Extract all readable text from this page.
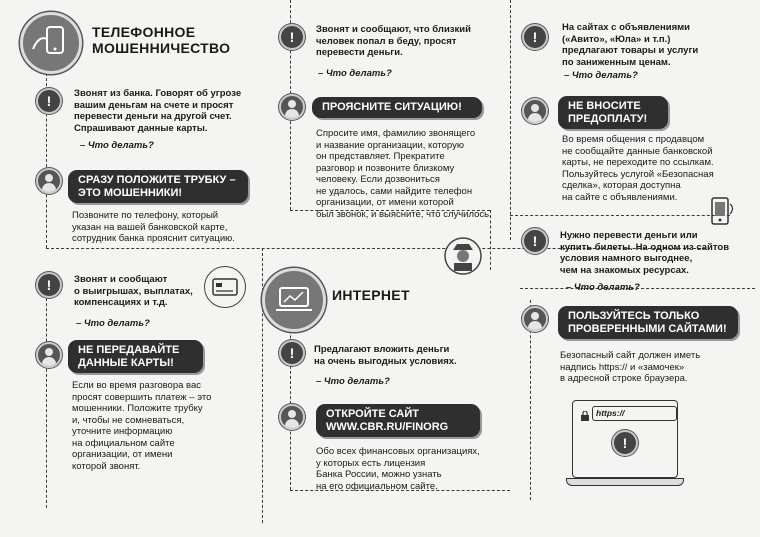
ТЕЛЕФОННОЕ
МОШЕННИЧЕСТВО
!	Звонят из банка. Говорят об угрозе
вашим деньгам на счете и просят
перевести деньги на другой счет.
Спрашивают данные карты.
– Что делать?
СРАЗУ ПОЛОЖИТЕ ТРУБКУ –
ЭТО МОШЕННИКИ!
Позвоните по телефону, который
указан на вашей банковской карте,
сотрудник банка прояснит ситуацию.
!	Звонят и сообщают
о выигрышах, выплатах,
компенсациях и т.д.
– Что делать?
НЕ ПЕРЕДАВАЙТЕ
ДАННЫЕ КАРТЫ!
Если во время разговора вас
просят совершить платеж – это
мошенники. Положите трубку
и, чтобы не сомневаться,
уточните информацию
на официальном сайте
организации, от имени
которой звонят.
!	Звонят и сообщают, что близкий
человек попал в беду, просят
перевести деньги.
– Что делать?
ПРОЯСНИТЕ СИТУАЦИЮ!
Спросите имя, фамилию звонящего
и название организации, которую
он представляет. Прекратите
разговор и позвоните близкому
человеку. Если дозвониться
не удалось, сами найдите телефон
организации, от имени которой
был звонок, и выясните, что случилось.
ИНТЕРНЕТ
!	Предлагают вложить деньги
на очень выгодных условиях.
– Что делать?
ОТКРОЙТЕ САЙТ
WWW.CBR.RU/FINORG
Обо всех финансовых организациях,
у которых есть лицензия
Банка России, можно узнать
на его официальном сайте.
!
На сайтах с объявлениями
(«Авито», «Юла» и т.п.)
предлагают товары и услуги
по заниженным ценам.
– Что делать?
НЕ ВНОСИТЕ
ПРЕДОПЛАТУ!
Во время общения с продавцом
не сообщайте данные банковской
карты, не переходите по ссылкам.
Пользуйтесь услугой «Безопасная
сделка», которая доступна
на сайте с объявлениями.
!	Нужно перевести деньги или
купить билеты. На одном из сайтов
условия намного выгоднее,
чем на знакомых ресурсах.
– Что делать?
ПОЛЬЗУЙТЕСЬ ТОЛЬКО
ПРОВЕРЕННЫМИ САЙТАМИ!
Безопасный сайт должен иметь
надпись https:// и «замочек»
в адресной строке браузера.
https://
!
